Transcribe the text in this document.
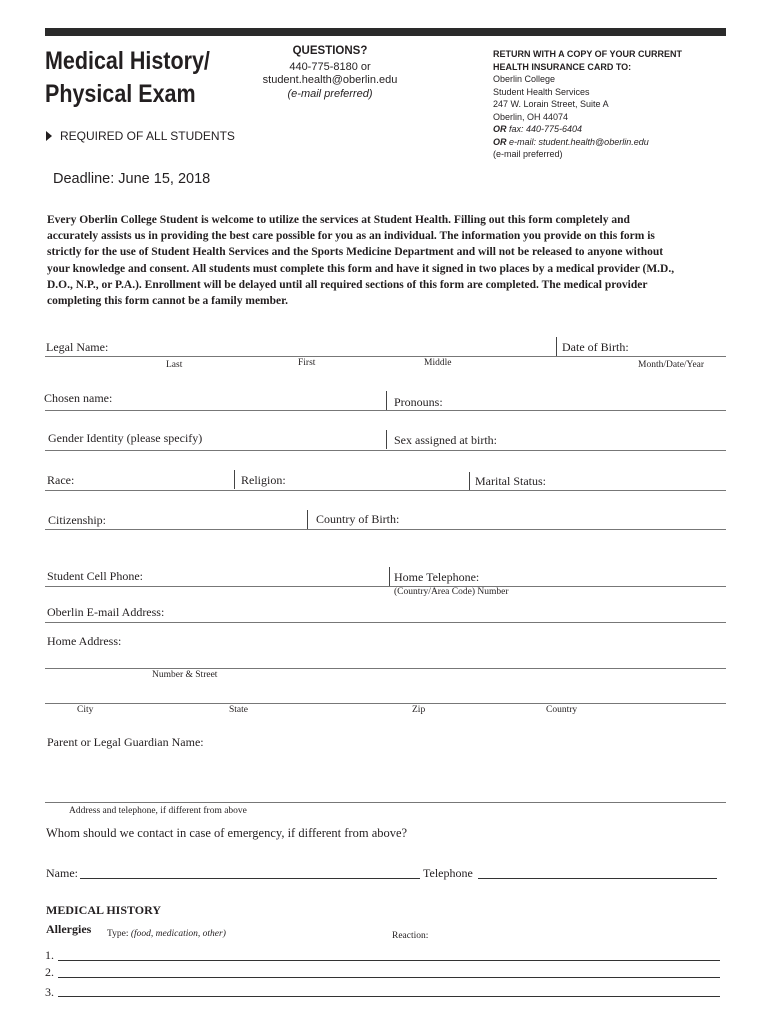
Medical History/
Physical Exam
REQUIRED OF ALL STUDENTS
Deadline: June 15, 2018
QUESTIONS?
440-775-8180 or
student.health@oberlin.edu
(e-mail preferred)
RETURN WITH A COPY OF YOUR CURRENT
HEALTH INSURANCE CARD TO:
Oberlin College
Student Health Services
247 W. Lorain Street, Suite A
Oberlin, OH 44074
OR fax: 440-775-6404
OR e-mail: student.health@oberlin.edu
(e-mail preferred)
Every Oberlin College Student is welcome to utilize the services at Student Health. Filling out this form completely and
accurately assists us in providing the best care possible for you as an individual. The information you provide on this form is
strictly for the use of Student Health Services and the Sports Medicine Department and will not be released to anyone without
your knowledge and consent. All students must complete this form and have it signed in two places by a medical provider (M.D.,
D.O., N.P., or P.A.). Enrollment will be delayed until all required sections of this form are completed. The medical provider
completing this form cannot be a family member.
Legal Name:	Date of Birth:
Last	First	Middle	Month/Date/Year
Chosen name:	Pronouns:
Gender Identity (please specify)	Sex assigned at birth:
Race:	Religion:	Marital Status:
Citizenship:	Country of Birth:
Student Cell Phone:	Home Telephone:
(Country/Area Code) Number
Oberlin E-mail Address:
Home Address:
Number & Street
City	State	Zip	Country
Parent or Legal Guardian Name:
Address and telephone, if different from above
Whom should we contact in case of emergency, if different from above?
Name:	Telephone
MEDICAL HISTORY
Allergies Type: (food, medication, other)	Reaction:
1.
2.
3.
